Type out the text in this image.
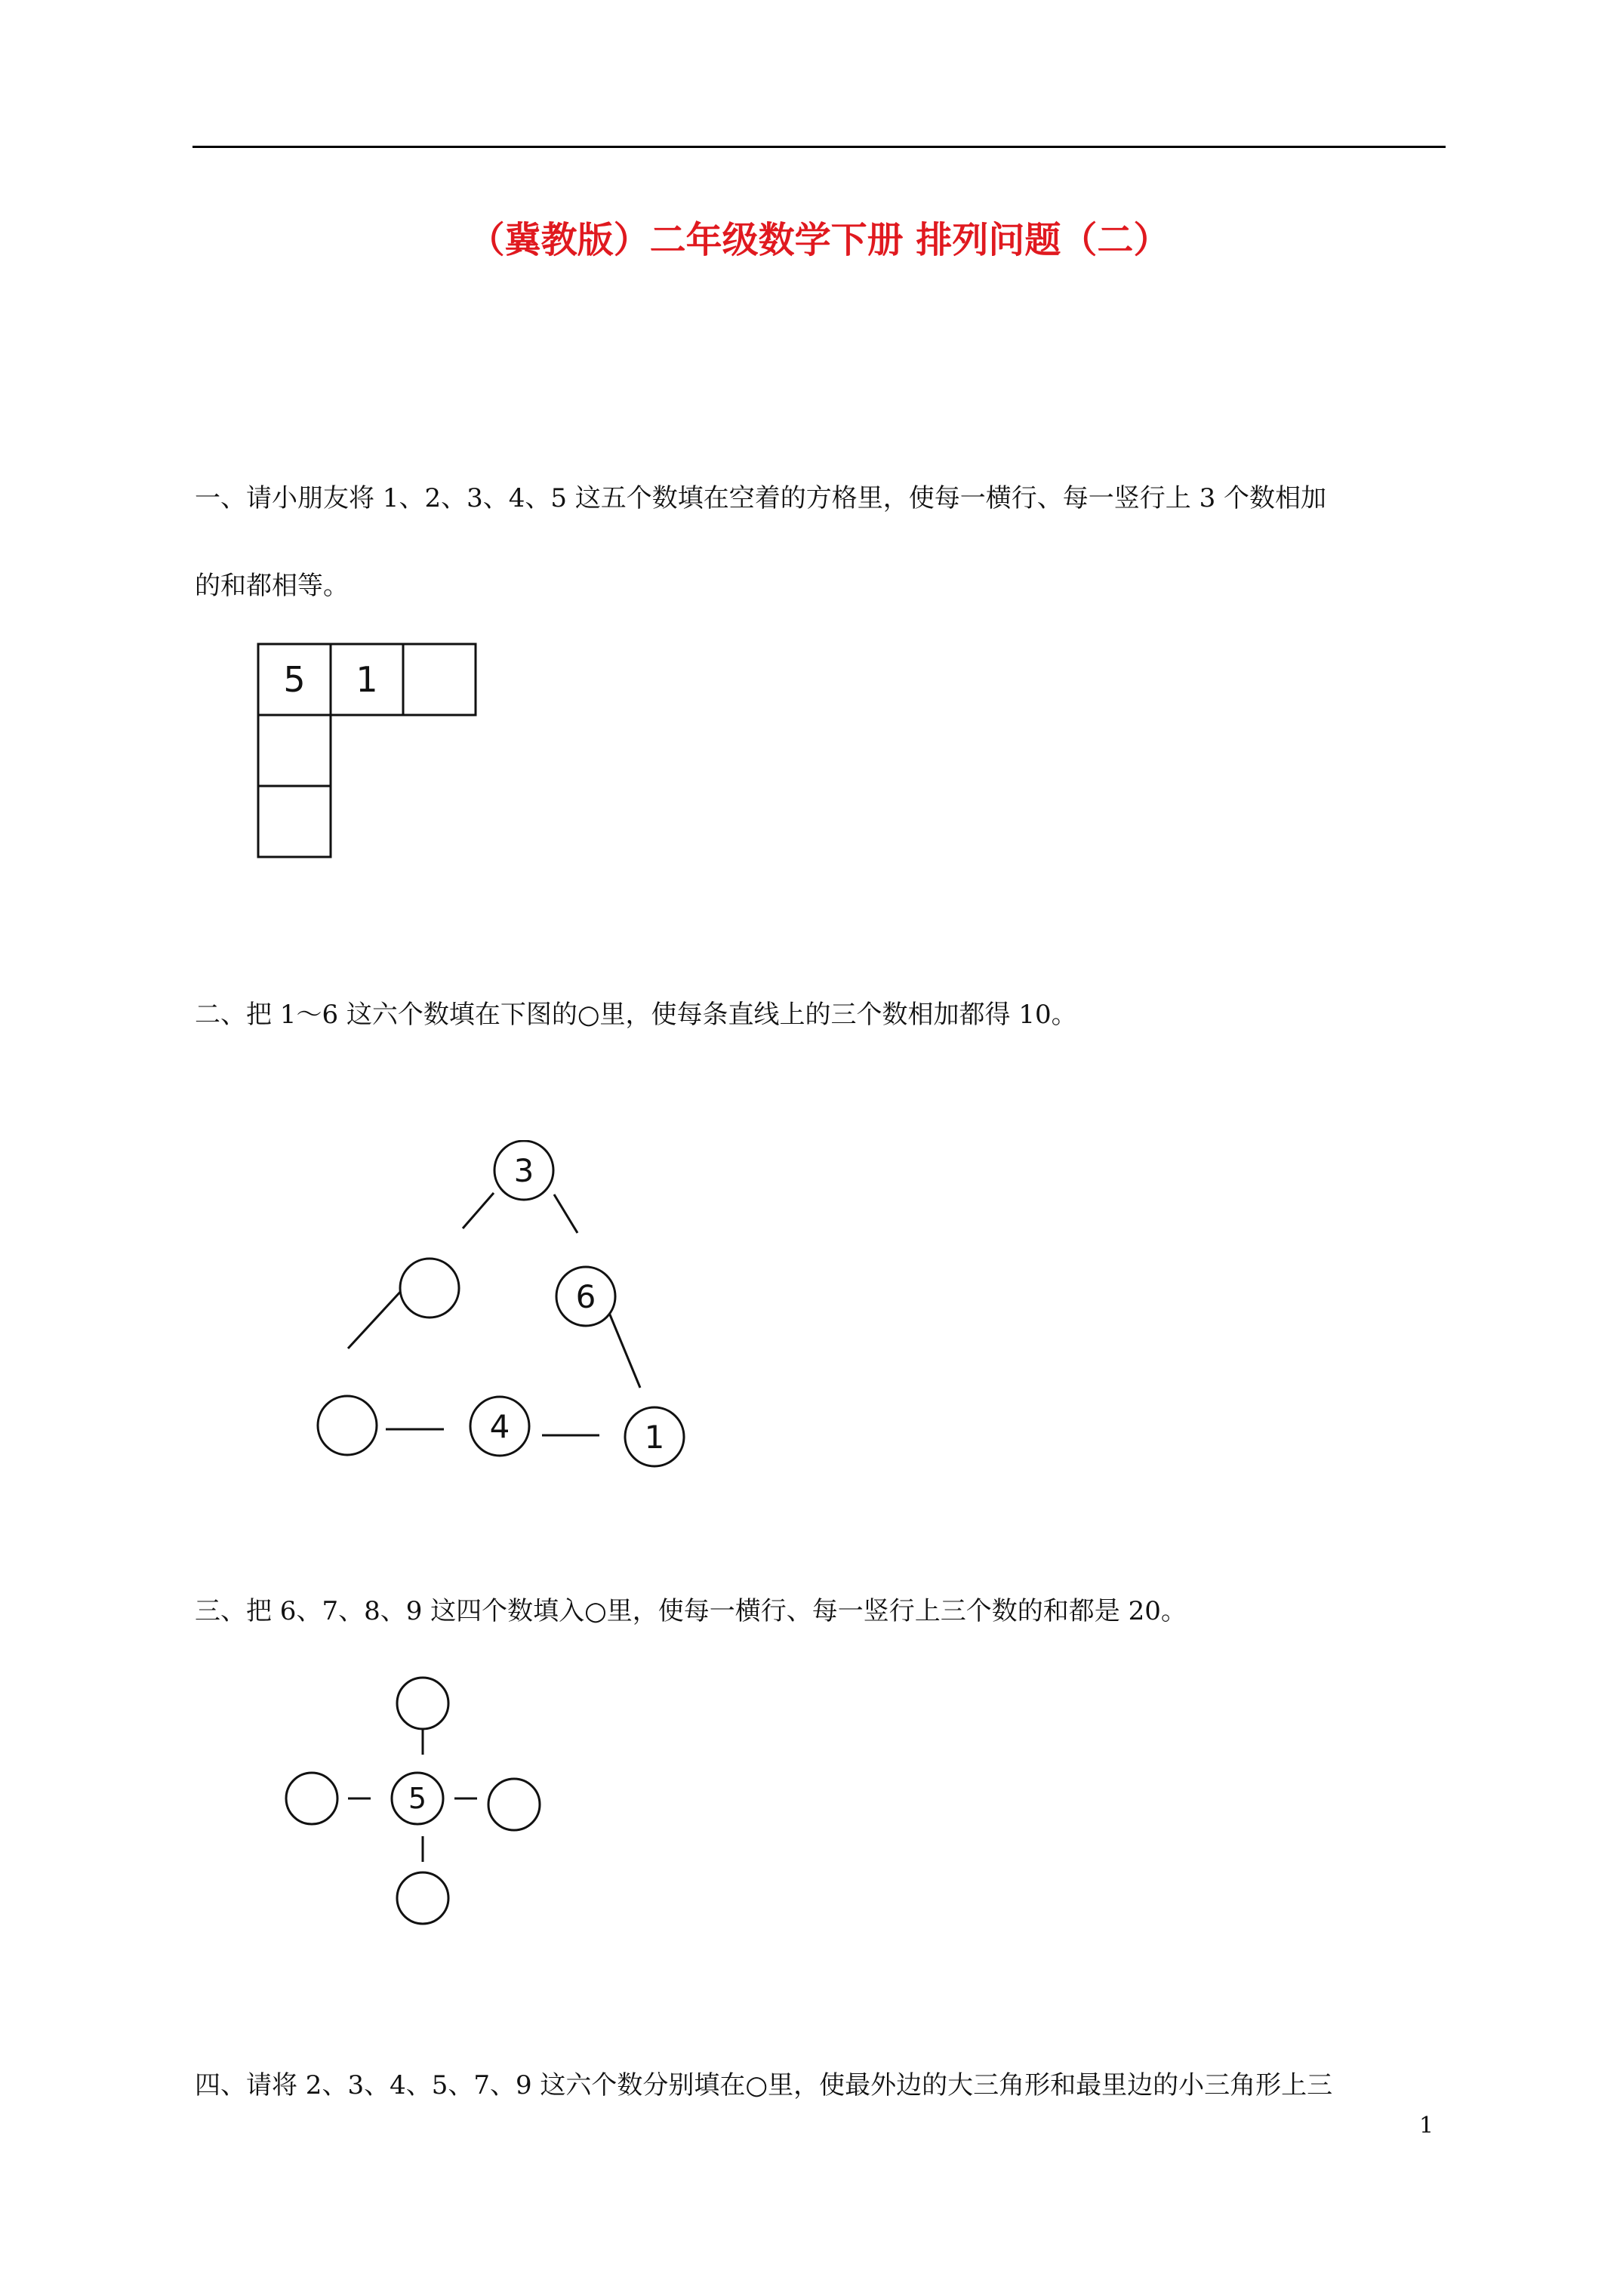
（冀教版）二年级数学下册 排列问题（二）
一、请小朋友将 1、2、3、4、5 这五个数填在空着的方格里，使每一横行、每一竖行上 3 个数相加
的和都相等。
5 1
二、把 1～6 这六个数填在下图的○里，使每条直线上的三个数相加都得 10。
3
6
4	1
三、把 6、7、8、9 这四个数填入○里，使每一横行、每一竖行上三个数的和都是 20。
5
四、请将 2、3、4、5、7、9 这六个数分别填在○里，使最外边的大三角形和最里边的小三角形上三
1
